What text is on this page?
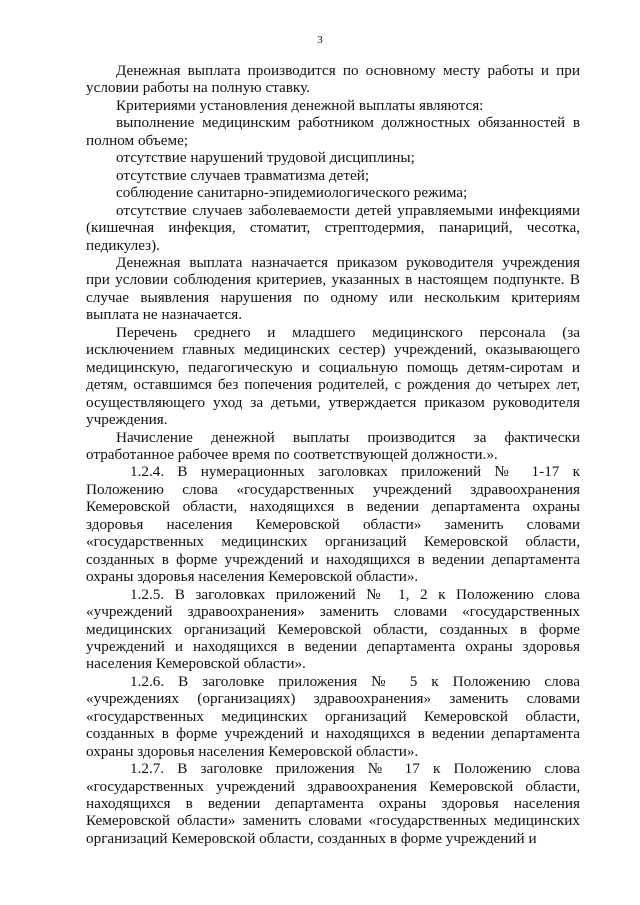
3

Денежная выплата производится по основному месту работы и при условии работы на полную ставку.

Критериями установления денежной выплаты являются:

выполнение медицинским работником должностных обязанностей в полном объеме;

отсутствие нарушений трудовой дисциплины;

отсутствие случаев травматизма детей;

соблюдение санитарно-эпидемиологического режима;

отсутствие случаев заболеваемости детей управляемыми инфекциями (кишечная инфекция, стоматит, стрептодермия, панариций, чесотка, педикулез).

Денежная выплата назначается приказом руководителя учреждения при условии соблюдения критериев, указанных в настоящем подпункте. В случае выявления нарушения по одному или нескольким критериям выплата не назначается.

Перечень среднего и младшего медицинского персонала (за исключением главных медицинских сестер) учреждений, оказывающего медицинскую, педагогическую и социальную помощь детям-сиротам и детям, оставшимся без попечения родителей, с рождения до четырех лет, осуществляющего уход за детьми, утверждается приказом руководителя учреждения.

Начисление денежной выплаты производится за фактически отработанное рабочее время по соответствующей должности.».

1.2.4. В нумерационных заголовках приложений № 1-17 к Положению слова «государственных учреждений здравоохранения Кемеровской области, находящихся в ведении департамента охраны здоровья населения Кемеровской области» заменить словами «государственных медицинских организаций Кемеровской области, созданных в форме учреждений и находящихся в ведении департамента охраны здоровья населения Кемеровской области».

1.2.5. В заголовках приложений № 1, 2 к Положению слова «учреждений здравоохранения» заменить словами «государственных медицинских организаций Кемеровской области, созданных в форме учреждений и находящихся в ведении департамента охраны здоровья населения Кемеровской области».

1.2.6. В заголовке приложения № 5 к Положению слова «учреждениях (организациях) здравоохранения» заменить словами «государственных медицинских организаций Кемеровской области, созданных в форме учреждений и находящихся в ведении департамента охраны здоровья населения Кемеровской области».

1.2.7. В заголовке приложения № 17 к Положению слова «государственных учреждений здравоохранения Кемеровской области, находящихся в ведении департамента охраны здоровья населения Кемеровской области» заменить словами «государственных медицинских организаций Кемеровской области, созданных в форме учреждений и
